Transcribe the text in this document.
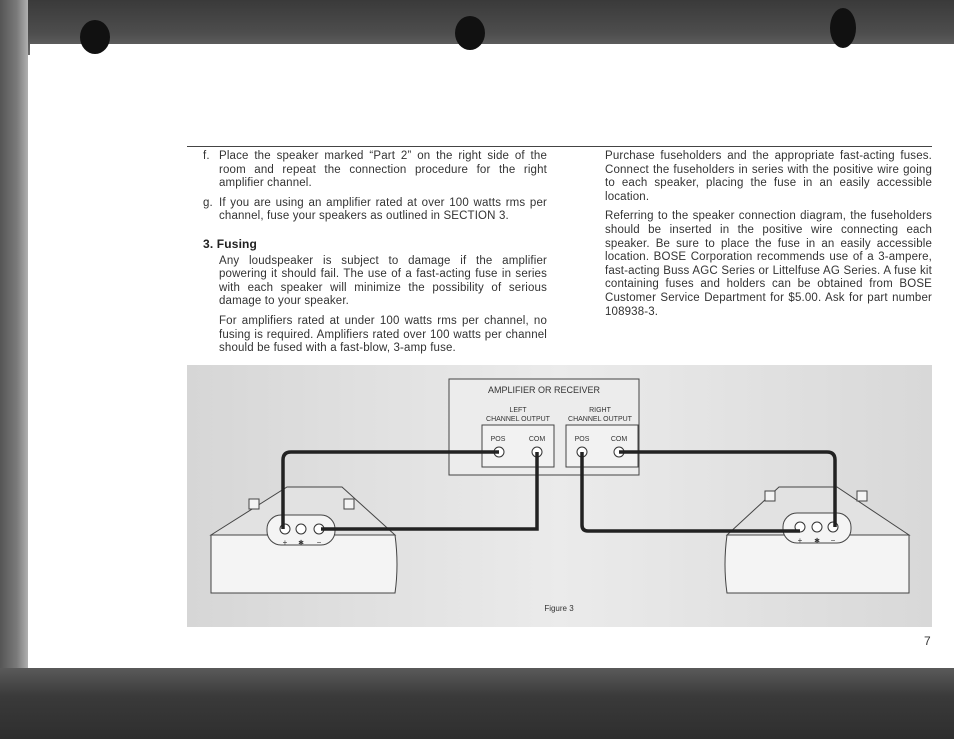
f. Place the speaker marked “Part 2” on the right side of the room and repeat the connection procedure for the right amplifier channel.
g. If you are using an amplifier rated at over 100 watts rms per channel, fuse your speakers as outlined in SECTION 3.
3. Fusing

Any loudspeaker is subject to damage if the amplifier powering it should fail. The use of a fast-acting fuse in series with each speaker will minimize the possibility of serious damage to your speaker.

For amplifiers rated at under 100 watts rms per channel, no fusing is required. Amplifiers rated over 100 watts per channel should be fused with a fast-blow, 3-amp fuse.

Purchase fuseholders and the appropriate fast-acting fuses. Connect the fuseholders in series with the positive wire going to each speaker, placing the fuse in an easily accessible location.

Referring to the speaker connection diagram, the fuseholders should be inserted in the positive wire connecting each speaker. Be sure to place the fuse in an easily accessible location. BOSE Corporation recommends use of a 3-ampere, fast-acting Buss AGC Series or Littelfuse AG Series. A fuse kit containing fuses and holders can be obtained from BOSE Customer Service Department for $5.00. Ask for part number 108938-3.

AMPLIFIER OR RECEIVER
LEFT
CHANNEL OUTPUT
RIGHT
CHANNEL OUTPUT
POS	COM	POS	COM
+ ✱ −	+ ✱ −
Figure 3
7
